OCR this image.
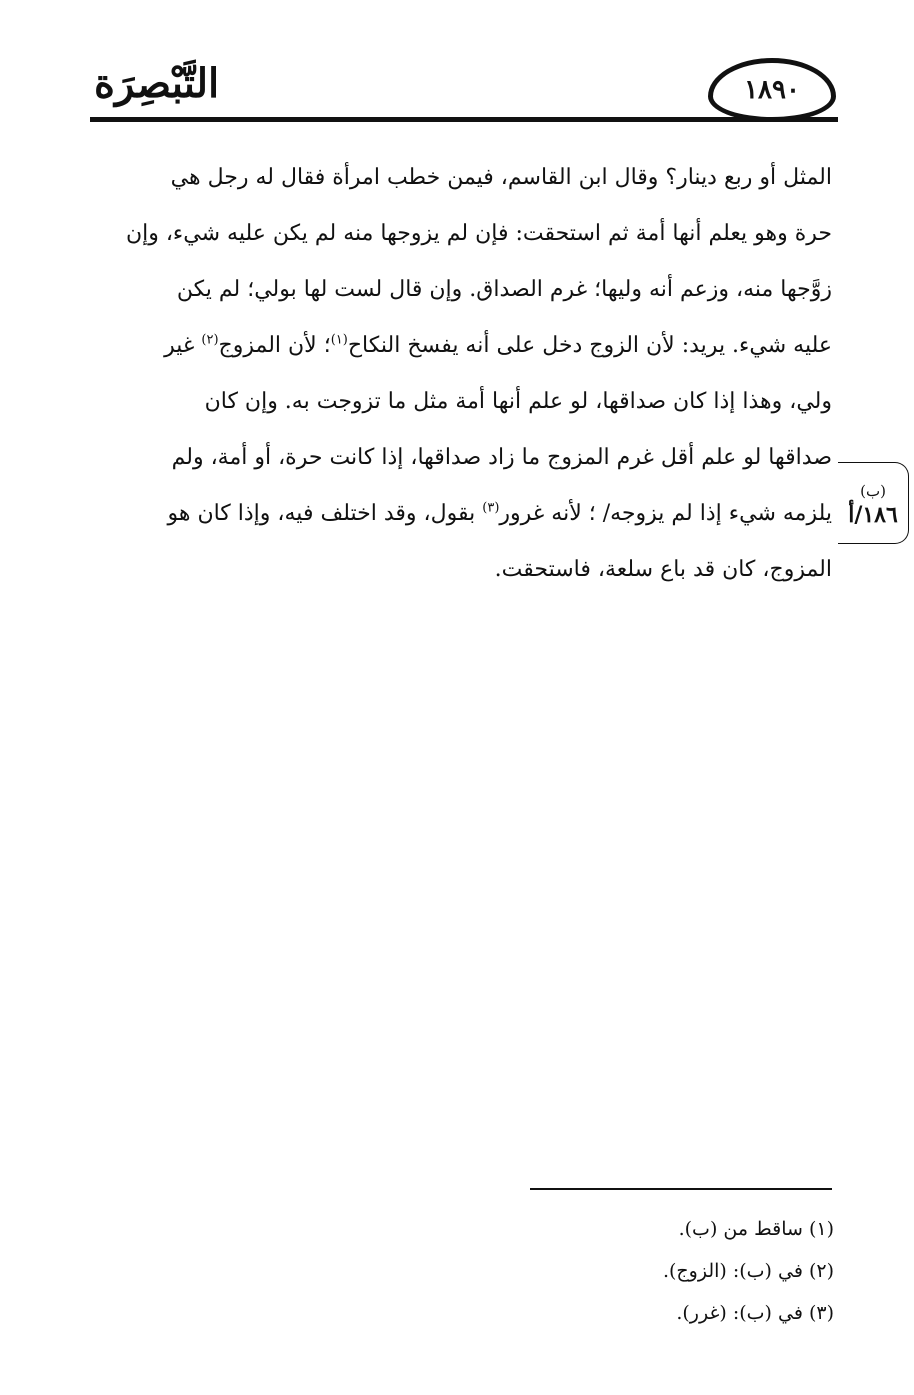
التَّبْصِرَة	١٨٩٠

المثل أو ربع دينار؟ وقال ابن القاسم، فيمن خطب امرأة فقال له رجل هي

حرة وهو يعلم أنها أمة ثم استحقت: فإن لم يزوجها منه لم يكن عليه شيء، وإن

زوَّجها منه، وزعم أنه وليها؛ غرم الصداق. وإن قال لست لها بولي؛ لم يكن

عليه شيء. يريد: لأن الزوج دخل على أنه يفسخ النكاح$^{(١)}$؛ لأن المزوج$^{(٢)}$ غير

ولي، وهذا إذا كان صداقها، لو علم أنها أمة مثل ما تزوجت به. وإن كان

صداقها لو علم أقل غرم المزوج ما زاد صداقها، إذا كانت حرة، أو أمة، ولم

يلزمه شيء إذا لم يزوجه/ ؛ لأنه غرور$^{(٣)}$ بقول، وقد اختلف فيه، وإذا كان هو

المزوج، كان قد باع سلعة، فاستحقت.

(ب)
١٨٦/أ

(١) ساقط من (ب).

(٢) في (ب): (الزوج).

(٣) في (ب): (غرر).
